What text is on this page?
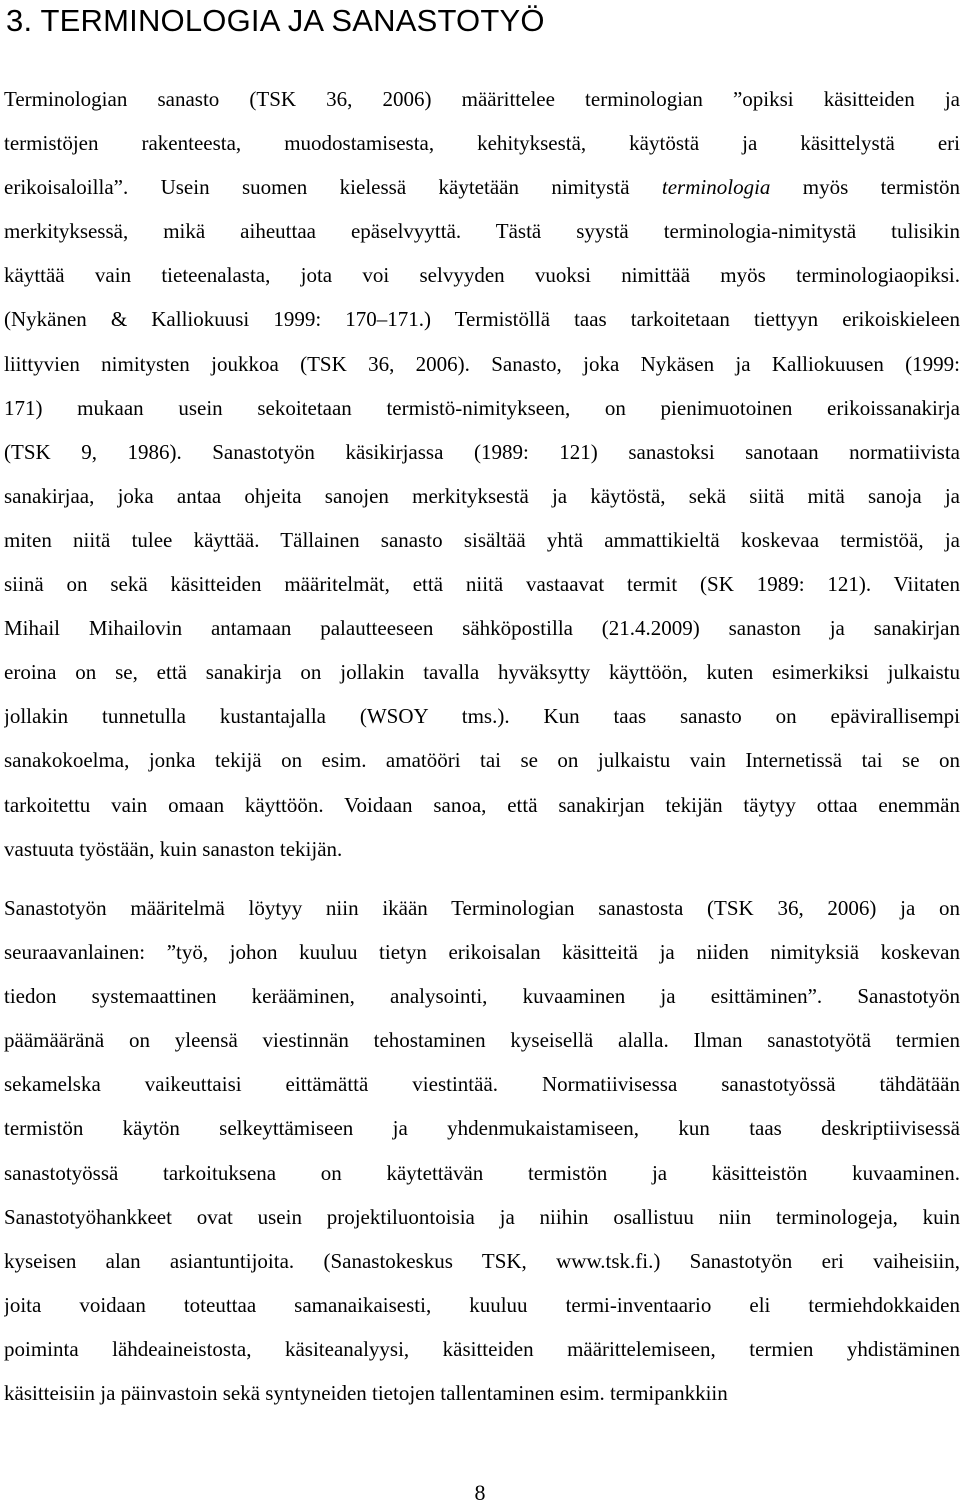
3. TERMINOLOGIA JA SANASTOTYÖ
Terminologian sanasto (TSK 36, 2006) määrittelee terminologian ”opiksi käsitteiden ja
termistöjen rakenteesta, muodostamisesta, kehityksestä, käytöstä ja käsittelystä eri
erikoisaloilla”. Usein suomen kielessä käytetään nimitystä terminologia myös termistön
merkityksessä, mikä aiheuttaa epäselvyyttä. Tästä syystä terminologia-nimitystä tulisikin
käyttää vain tieteenalasta, jota voi selvyyden vuoksi nimittää myös terminologiaopiksi.
(Nykänen & Kalliokuusi 1999: 170–171.) Termistöllä taas tarkoitetaan tiettyyn erikoiskieleen
liittyvien nimitysten joukkoa (TSK 36, 2006). Sanasto, joka Nykäsen ja Kalliokuusen (1999:
171) mukaan usein sekoitetaan termistö-nimitykseen, on pienimuotoinen erikoissanakirja
(TSK 9, 1986). Sanastotyön käsikirjassa (1989: 121) sanastoksi sanotaan normatiivista
sanakirjaa, joka antaa ohjeita sanojen merkityksestä ja käytöstä, sekä siitä mitä sanoja ja
miten niitä tulee käyttää. Tällainen sanasto sisältää yhtä ammattikieltä koskevaa termistöä, ja
siinä on sekä käsitteiden määritelmät, että niitä vastaavat termit (SK 1989: 121). Viitaten
Mihail Mihailovin antamaan palautteeseen sähköpostilla (21.4.2009) sanaston ja sanakirjan
eroina on se, että sanakirja on jollakin tavalla hyväksytty käyttöön, kuten esimerkiksi julkaistu
jollakin tunnetulla kustantajalla (WSOY tms.). Kun taas sanasto on epävirallisempi
sanakokoelma, jonka tekijä on esim. amatööri tai se on julkaistu vain Internetissä tai se on
tarkoitettu vain omaan käyttöön. Voidaan sanoa, että sanakirjan tekijän täytyy ottaa enemmän
vastuuta työstään, kuin sanaston tekijän.
Sanastotyön määritelmä löytyy niin ikään Terminologian sanastosta (TSK 36, 2006) ja on
seuraavanlainen: ”työ, johon kuuluu tietyn erikoisalan käsitteitä ja niiden nimityksiä koskevan
tiedon systemaattinen kerääminen, analysointi, kuvaaminen ja esittäminen”. Sanastotyön
päämääränä on yleensä viestinnän tehostaminen kyseisellä alalla. Ilman sanastotyötä termien
sekamelska vaikeuttaisi eittämättä viestintää. Normatiivisessa sanastotyössä tähdätään
termistön käytön selkeyttämiseen ja yhdenmukaistamiseen, kun taas deskriptiivisessä
sanastotyössä tarkoituksena on käytettävän termistön ja käsitteistön kuvaaminen.
Sanastotyöhankkeet ovat usein projektiluontoisia ja niihin osallistuu niin terminologeja, kuin
kyseisen alan asiantuntijoita. (Sanastokeskus TSK, www.tsk.fi.) Sanastotyön eri vaiheisiin,
joita voidaan toteuttaa samanaikaisesti, kuuluu termi-inventaario eli termiehdokkaiden
poiminta lähdeaineistosta, käsiteanalyysi, käsitteiden määrittelemiseen, termien yhdistäminen
käsitteisiin ja päinvastoin sekä syntyneiden tietojen tallentaminen esim. termipankkiin
8
